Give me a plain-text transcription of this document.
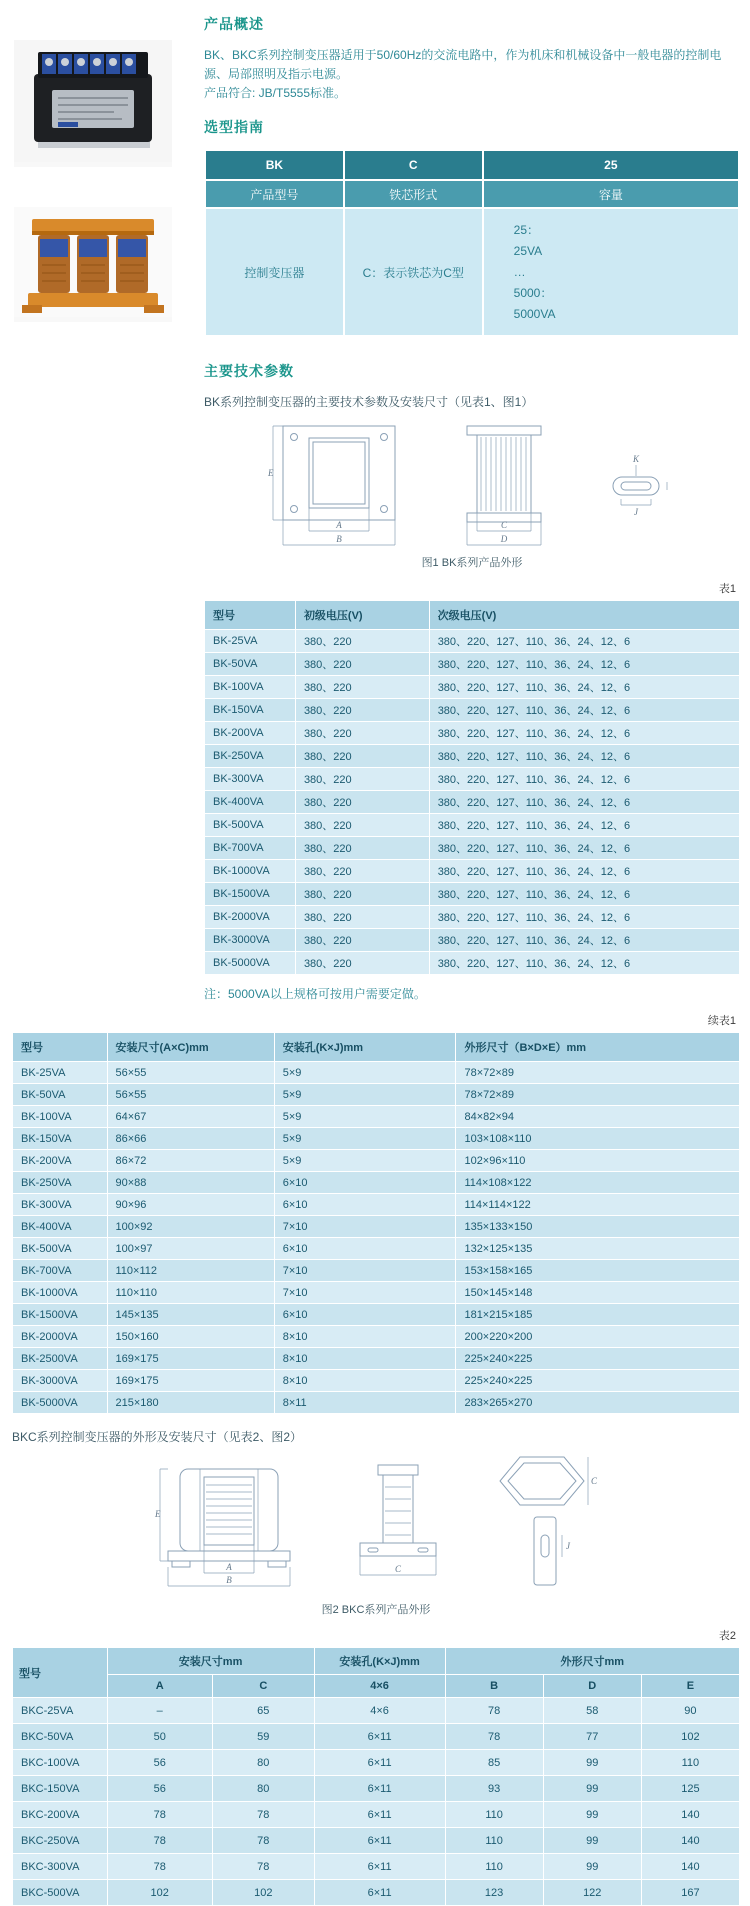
产品概述

BK、BKC系列控制变压器适用于50/60Hz的交流电路中，作为机床和机械设备中一般电器的控制电源、局部照明及指示电源。

产品符合: JB/T5555标准。

选型指南
BK	C	25
产品型号	铁芯形式	容量
控制变压器	C：表示铁芯为C型	25：
25VA
…
5000：
5000VA
主要技术参数

BK系列控制变压器的主要技术参数及安装尺寸（见表1、图1）

E
A
B
C
D
K
J

图1 BK系列产品外形

表1
型号	初级电压(V)	次级电压(V)
BK-25VA	380、220	380、220、127、110、36、24、12、6
BK-50VA	380、220	380、220、127、110、36、24、12、6
BK-100VA	380、220	380、220、127、110、36、24、12、6
BK-150VA	380、220	380、220、127、110、36、24、12、6
BK-200VA	380、220	380、220、127、110、36、24、12、6
BK-250VA	380、220	380、220、127、110、36、24、12、6
BK-300VA	380、220	380、220、127、110、36、24、12、6
BK-400VA	380、220	380、220、127、110、36、24、12、6
BK-500VA	380、220	380、220、127、110、36、24、12、6
BK-700VA	380、220	380、220、127、110、36、24、12、6
BK-1000VA	380、220	380、220、127、110、36、24、12、6
BK-1500VA	380、220	380、220、127、110、36、24、12、6
BK-2000VA	380、220	380、220、127、110、36、24、12、6
BK-3000VA	380、220	380、220、127、110、36、24、12、6
BK-5000VA	380、220	380、220、127、110、36、24、12、6

注：5000VA以上规格可按用户需要定做。

续表1
型号	安装尺寸(A×C)mm	安装孔(K×J)mm	外形尺寸（B×D×E）mm
BK-25VA	56×55	5×9	78×72×89
BK-50VA	56×55	5×9	78×72×89
BK-100VA	64×67	5×9	84×82×94
BK-150VA	86×66	5×9	103×108×110
BK-200VA	86×72	5×9	102×96×110
BK-250VA	90×88	6×10	114×108×122
BK-300VA	90×96	6×10	114×114×122
BK-400VA	100×92	7×10	135×133×150
BK-500VA	100×97	6×10	132×125×135
BK-700VA	110×112	7×10	153×158×165
BK-1000VA	110×110	7×10	150×145×148
BK-1500VA	145×135	6×10	181×215×185
BK-2000VA	150×160	8×10	200×220×200
BK-2500VA	169×175	8×10	225×240×225
BK-3000VA	169×175	8×10	225×240×225
BK-5000VA	215×180	8×11	283×265×270

BKC系列控制变压器的外形及安装尺寸（见表2、图2）

E
A
B
C
C
J

图2 BKC系列产品外形

表2
型号	安装尺寸mm		安装孔(K×J)mm	外形尺寸mm		
	A	C	4×6	B	D	E
BKC-25VA	–	65	4×6	78	58	90
BKC-50VA	50	59	6×11	78	77	102
BKC-100VA	56	80	6×11	85	99	110
BKC-150VA	56	80	6×11	93	99	125
BKC-200VA	78	78	6×11	110	99	140
BKC-250VA	78	78	6×11	110	99	140
BKC-300VA	78	78	6×11	110	99	140
BKC-500VA	102	102	6×11	123	122	167
